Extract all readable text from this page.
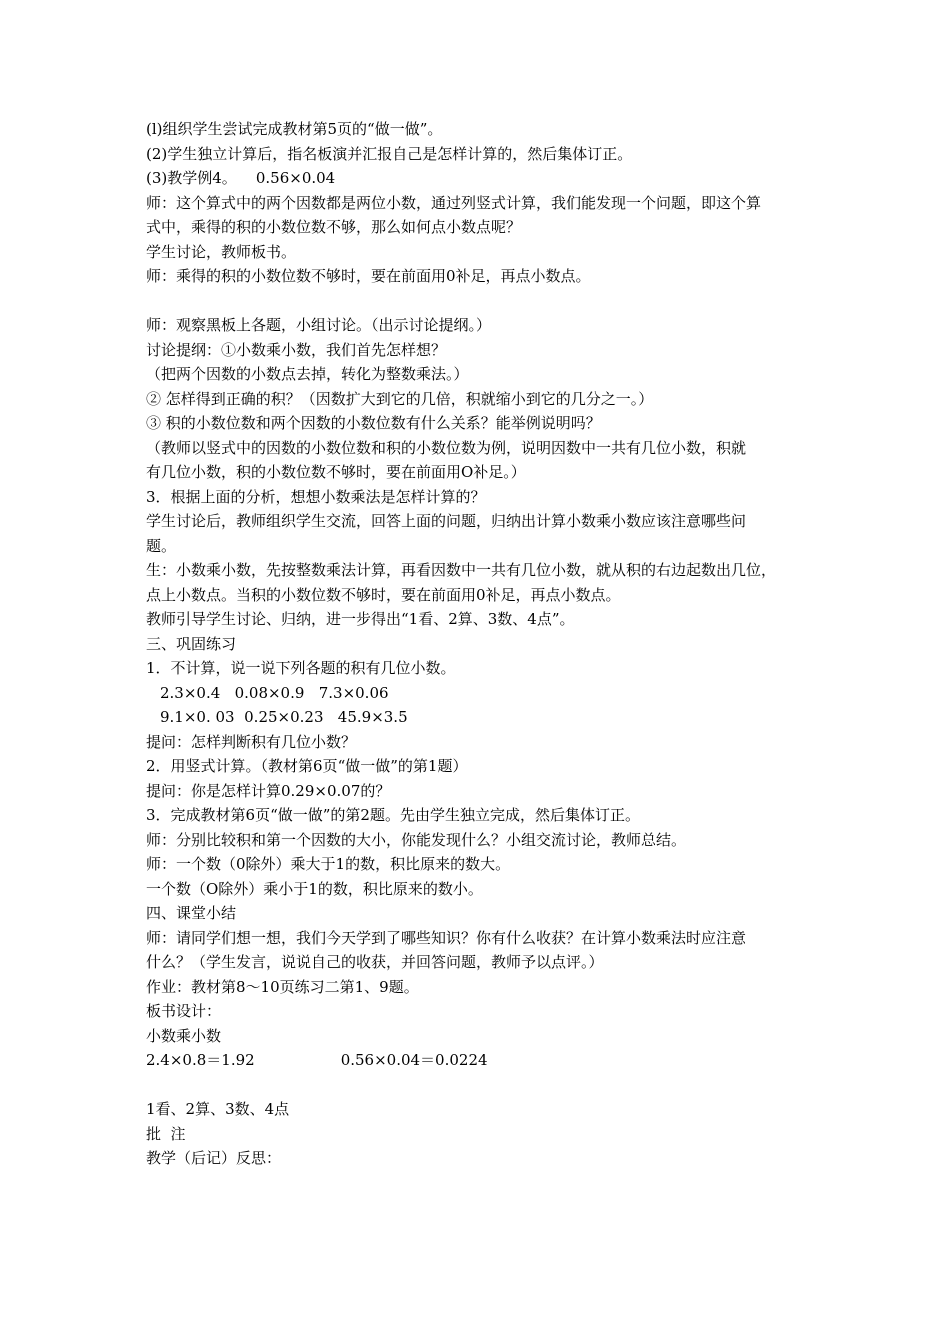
(l)组织学生尝试完成教材第5页的“做一做”。
(2)学生独立计算后，指名板演并汇报自己是怎样计算的，然后集体订正。
(3)教学例4。    0.56×0.04
师：这个算式中的两个因数都是两位小数，通过列竖式计算，我们能发现一个问题，即这个算
式中，乘得的积的小数位数不够，那么如何点小数点呢？
学生讨论，教师板书。
师：乘得的积的小数位数不够时，要在前面用0补足，再点小数点。
师：观察黑板上各题，小组讨论。（出示讨论提纲。）
讨论提纲：①小数乘小数，我们首先怎样想？
（把两个因数的小数点去掉，转化为整数乘法。）
② 怎样得到正确的积？（因数扩大到它的几倍，积就缩小到它的几分之一。）
③ 积的小数位数和两个因数的小数位数有什么关系？能举例说明吗？
（教师以竖式中的因数的小数位数和积的小数位数为例，说明因数中一共有几位小数，积就
有几位小数，积的小数位数不够时，要在前面用O补足。）
3．根据上面的分析，想想小数乘法是怎样计算的？
学生讨论后，教师组织学生交流，回答上面的问题，归纳出计算小数乘小数应该注意哪些问
题。
生：小数乘小数，先按整数乘法计算，再看因数中一共有几位小数，就从积的右边起数出几位，
点上小数点。当积的小数位数不够时，要在前面用0补足，再点小数点。
教师引导学生讨论、归纳，进一步得出“1看、2算、3数、4点”。
三、巩固练习
1．不计算，说一说下列各题的积有几位小数。
2.3×0.4   0.08×0.9   7.3×0.06
9.1×0. 03  0.25×0.23   45.9×3.5
提问：怎样判断积有几位小数？
2．用竖式计算。（教材第6页“做一做”的第1题）
提问：你是怎样计算0.29×0.07的？
3．完成教材第6页“做一做”的第2题。先由学生独立完成，然后集体订正。
师：分别比较积和第一个因数的大小，你能发现什么？小组交流讨论，教师总结。
师：一个数（0除外）乘大于1的数，积比原来的数大。
一个数（O除外）乘小于1的数，积比原来的数小。
四、课堂小结
师：请同学们想一想，我们今天学到了哪些知识？你有什么收获？在计算小数乘法时应注意
什么？（学生发言，说说自己的收获，并回答问题，教师予以点评。）
作业：教材第8～10页练习二第1、9题。
板书设计：
小数乘小数
2.4×0.8＝1.92	0.56×0.04＝0.0224
1看、2算、3数、4点
批  注
教学（后记）反思：
